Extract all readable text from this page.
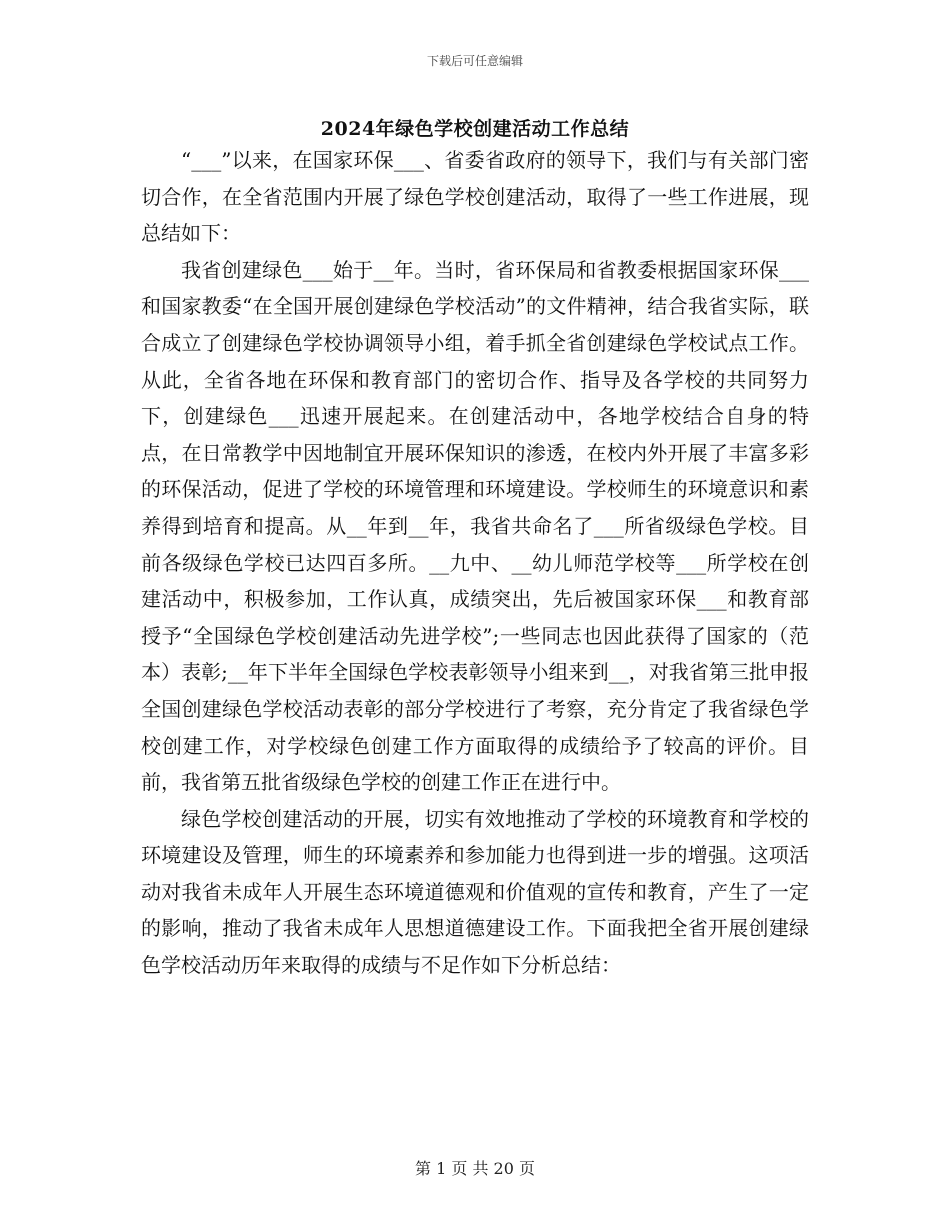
下载后可任意编辑
2024年绿色学校创建活动工作总结

“___”以来，在国家环保___、省委省政府的领导下，我们与有关部门密切合作，在全省范围内开展了绿色学校创建活动，取得了一些工作进展，现总结如下：

我省创建绿色___始于__年。当时，省环保局和省教委根据国家环保___和国家教委“在全国开展创建绿色学校活动”的文件精神，结合我省实际，联合成立了创建绿色学校协调领导小组，着手抓全省创建绿色学校试点工作。从此，全省各地在环保和教育部门的密切合作、指导及各学校的共同努力下，创建绿色___迅速开展起来。在创建活动中，各地学校结合自身的特点，在日常教学中因地制宜开展环保知识的渗透，在校内外开展了丰富多彩的环保活动，促进了学校的环境管理和环境建设。学校师生的环境意识和素养得到培育和提高。从__年到__年，我省共命名了___所省级绿色学校。目前各级绿色学校已达四百多所。__九中、__幼儿师范学校等___所学校在创建活动中，积极参加，工作认真，成绩突出，先后被国家环保___和教育部授予“全国绿色学校创建活动先进学校”;一些同志也因此获得了国家的（范本）表彰;__年下半年全国绿色学校表彰领导小组来到__，对我省第三批申报全国创建绿色学校活动表彰的部分学校进行了考察，充分肯定了我省绿色学校创建工作，对学校绿色创建工作方面取得的成绩给予了较高的评价。目前，我省第五批省级绿色学校的创建工作正在进行中。

绿色学校创建活动的开展，切实有效地推动了学校的环境教育和学校的环境建设及管理，师生的环境素养和参加能力也得到进一步的增强。这项活动对我省未成年人开展生态环境道德观和价值观的宣传和教育，产生了一定的影响，推动了我省未成年人思想道德建设工作。下面我把全省开展创建绿色学校活动历年来取得的成绩与不足作如下分析总结：

第 1 页 共 20 页
